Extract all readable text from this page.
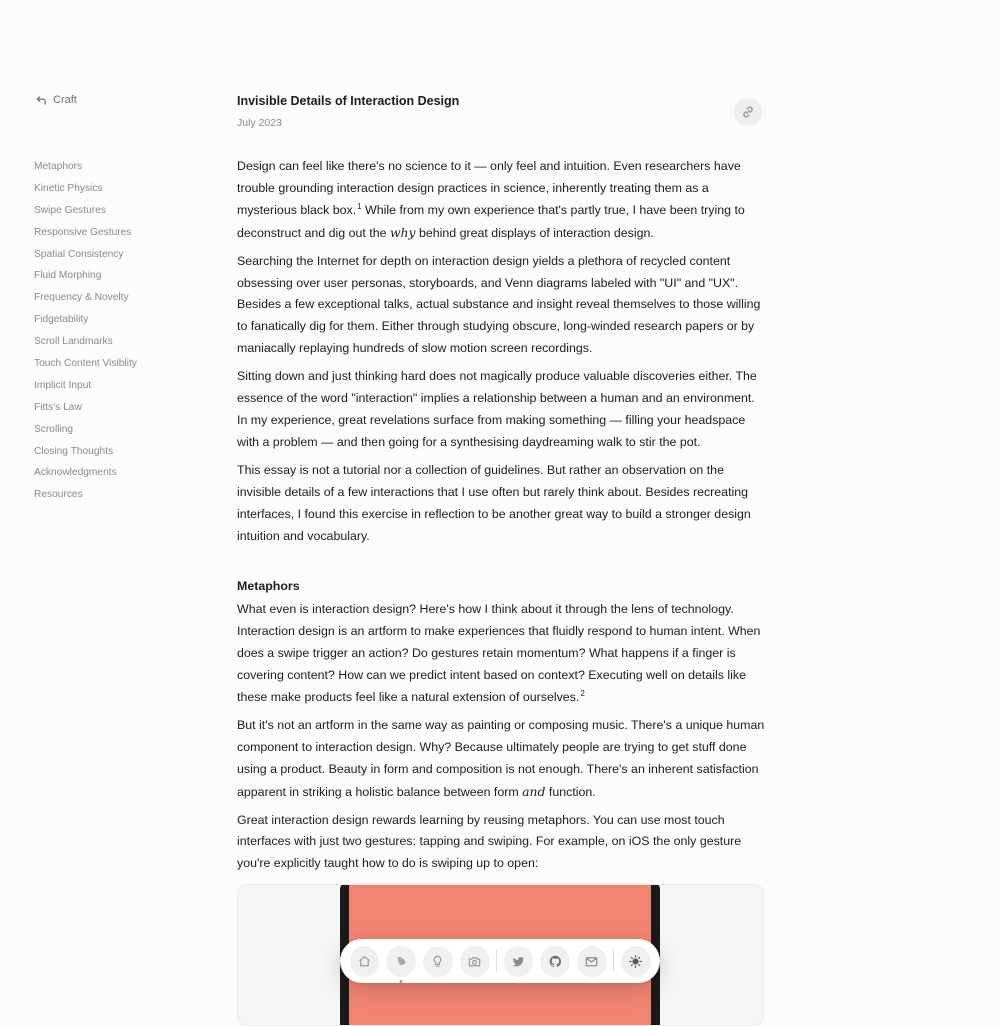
Craft
Metaphors
Kinetic Physics
Swipe Gestures
Responsive Gestures
Spatial Consistency
Fluid Morphing
Frequency & Novelty
Fidgetability
Scroll Landmarks
Touch Content Visiblity
Implicit Input
Fitts's Law
Scrolling
Closing Thoughts
Acknowledgments
Resources
Invisible Details of Interaction Design
July 2023

Design can feel like there's no science to it — only feel and intuition. Even researchers have trouble grounding interaction design practices in science, inherently treating them as a mysterious black box.$^1$ While from my own experience that's partly true, I have been trying to deconstruct and dig out the why behind great displays of interaction design.

Searching the Internet for depth on interaction design yields a plethora of recycled content obsessing over user personas, storyboards, and Venn diagrams labeled with "UI" and "UX". Besides a few exceptional talks, actual substance and insight reveal themselves to those willing to fanatically dig for them. Either through studying obscure, long-winded research papers or by maniacally replaying hundreds of slow motion screen recordings.

Sitting down and just thinking hard does not magically produce valuable discoveries either. The essence of the word "interaction" implies a relationship between a human and an environment. In my experience, great revelations surface from making something — filling your headspace with a problem — and then going for a synthesising daydreaming walk to stir the pot.

This essay is not a tutorial nor a collection of guidelines. But rather an observation on the invisible details of a few interactions that I use often but rarely think about. Besides recreating interfaces, I found this exercise in reflection to be another great way to build a stronger design intuition and vocabulary.

Metaphors

What even is interaction design? Here's how I think about it through the lens of technology. Interaction design is an artform to make experiences that fluidly respond to human intent. When does a swipe trigger an action? Do gestures retain momentum? What happens if a finger is covering content? How can we predict intent based on context? Executing well on details like these make products feel like a natural extension of ourselves.$^2$

But it's not an artform in the same way as painting or composing music. There's a unique human component to interaction design. Why? Because ultimately people are trying to get stuff done using a product. Beauty in form and composition is not enough. There's an inherent satisfaction apparent in striking a holistic balance between form and function.

Great interaction design rewards learning by reusing metaphors. You can use most touch interfaces with just two gestures: tapping and swiping. For example, on iOS the only gesture you're explicitly taught how to do is swiping up to open:
